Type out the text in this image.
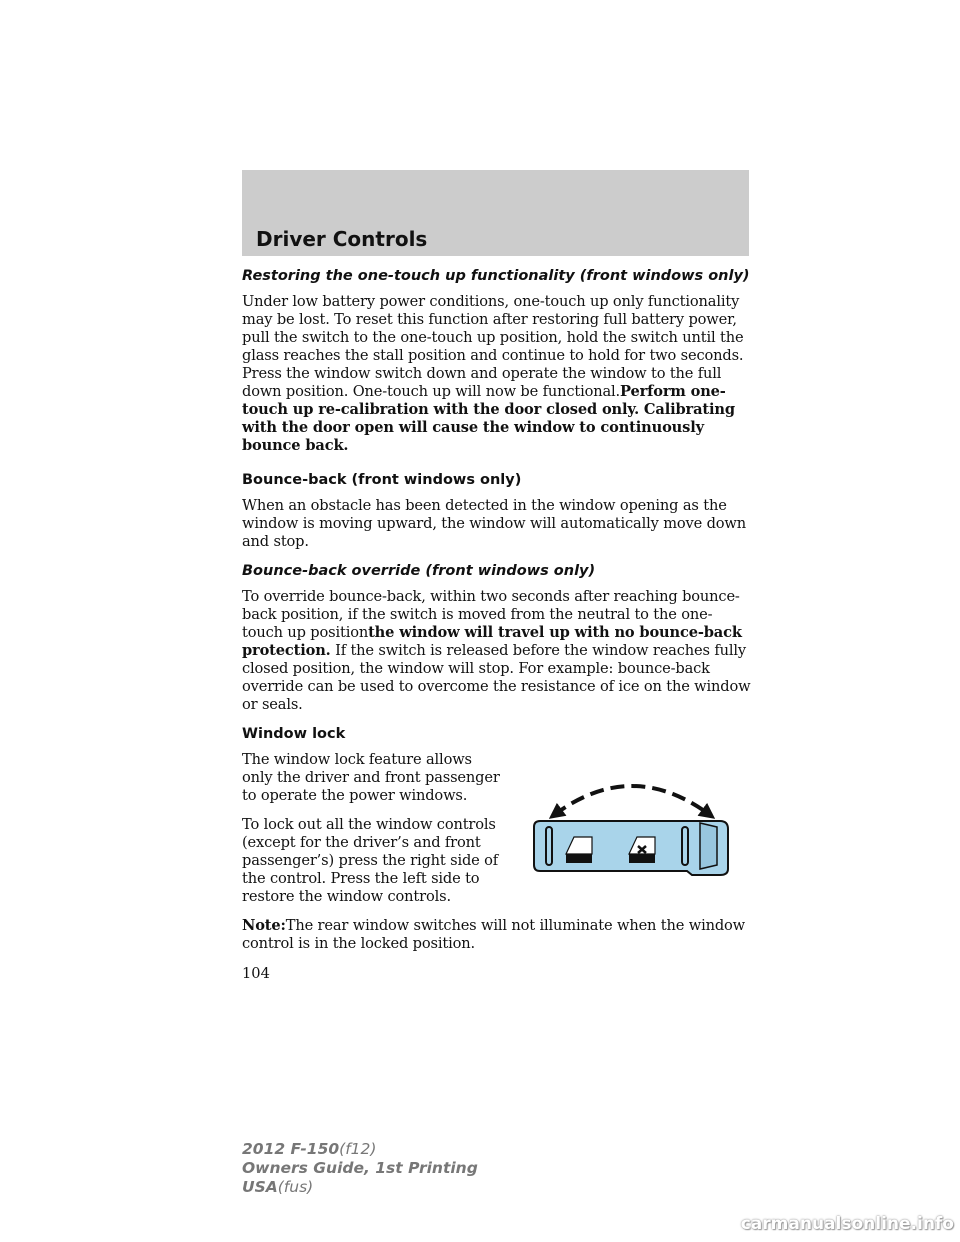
Driver Controls
Restoring the one-touch up functionality (front windows only)

Under low battery power conditions, one-touch up only functionality may be lost. To reset this function after restoring full battery power, pull the switch to the one-touch up position, hold the switch until the glass reaches the stall position and continue to hold for two seconds. Press the window switch down and operate the window to the full down position. One-touch up will now be functional.Perform one-touch up re-calibration with the door closed only. Calibrating with the door open will cause the window to continuously bounce back.

Bounce-back (front windows only)

When an obstacle has been detected in the window opening as the window is moving upward, the window will automatically move down and stop.

Bounce-back override (front windows only)

To override bounce-back, within two seconds after reaching bounce-back position, if the switch is moved from the neutral to the one-touch up positionthe window will travel up with no bounce-back protection. If the switch is released before the window reaches fully closed position, the window will stop. For example: bounce-back override can be used to overcome the resistance of ice on the window or seals.

Window lock

The window lock feature allows only the driver and front passenger to operate the power windows.

To lock out all the window controls (except for the driver’s and front passenger’s) press the right side of the control. Press the left side to restore the window controls.

Note:The rear window switches will not illuminate when the window control is in the locked position.

104
2012 F-150(f12)
Owners Guide, 1st Printing
USA(fus)
carmanualsonline.info
